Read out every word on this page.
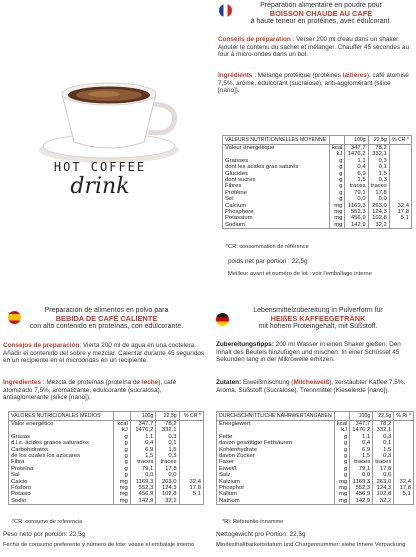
HOT COFFEE
drink
Préparation alimentaire en poudre pour
BOISSON CHAUDE AU CAFÉ
à haute teneur en protéines, avec édulcorant.
Conseils de préparation : Verser 200 ml d'eau dans un shaker. Ajouter le contenu du sachet et mélanger. Chauffer 45 secondes au four à micro-ondes dans un bol.
Ingrédients : Mélange protéique (protéines laitières), café atomisé 7,5%, arôme, édulcorant (sucralose), anti-agglomérant (silice [nano]).
VALEURS NUTRITIONNELLES MOYENNE		100g	22,5g	% CR *
Valeur énergétique	kcal	347,7	78,2	
	kJ	1476,2	332,1	
Graisses	g	1,1	0,3	
dont les acides gras saturés	g	0,4	0,1	
Glucides	g	6,9	1,5	
dont sucres	g	1,5	0,3	
Fibres	g	traces	traces	
Protéine	g	79,1	17,8	
Sel	g	0,0	0,0	
Calcium	mg	1169,3	263,0	32,4
Phosphore	mg	552,3	124,3	17,8
Potassium	mg	456,9	102,8	5,1
Sodium	mg	142,9	32,2	
*CR: consommation de référence
poids net par portion : 22,5g
Meilleur avant et numéro de lot : voir l'emballage interne
Preparación de alimentos en polvo para
BEBIDA DE CAFÉ CALIENTE
con alto contenido en proteínas, con edulcorante.
Consejos de preparación: Vierta 200 ml de agua en una coctelera. Añadir el contenido del sobre y mezclar. Calentar durante 45 segundos en un recipiente en el microondas en un recipiente.
Ingredientes : Mezcla de proteínas (proteína de leche), café atomizado 7,5%, aromatizante, edulcorante (sucralosa), antiaglomerante (sílice [nano]).
VALORES NUTRICIONALES MEDIOS		100g	22,5g	% CR *
Valor energético	kcal	347,7	78,2	
	kJ	1476,2	332,1	
Grasas	g	1,1	0,3	
d.l.c. ácidos grasos saturados	g	0,4	0,1	
Carbohidratos	g	6,9	1,5	
de los cuales los azúcares	g	1,5	0,3	
Fibra	g	traces	traces	
Proteína	g	79,1	17,8	
Sal	g	0,0	0,0	
Calcio	mg	1169,3	263,0	32,4
Fósforo	mg	552,3	124,3	17,8
Potasio	mg	456,9	102,8	5,1
Sodio	mg	142,9	32,2	
*CR: consumo de referencia
Peso neto por porción: 22,5g
Fecha de consumo preferente y número de lote: véase el embalaje interno
Lebensmittelzubereitung in Pulverform für
HEIßES KAFFEEGETRÄNK
mit hohem Proteingehalt, mit Süßstoff.
Zubereitungstipps: 200 ml Wasser in einen Shaker gießen. Den Inhalt des Beutels hinzufügen und mischen. In einer Schüssel 45 Sekunden lang in der Mikrowelle erhitzen.
Zutaten: Eiweißmischung (Milcheiweiß), zerstäubter Kaffee 7,5%, Aroma, Süßstoff (Sucralose), Trennmittel (Kieselerde [nano]).
DURCHSCHNITTLICHE NÄHRWERTANGABEN		100g	22,5g	% RI *
Energiewert	kcal	347,7	78,2	
	kJ	1476,2	332,1	
Fette	g	1,1	0,3	
davon gesättigte Fettsäuren	g	0,4	0,1	
Kohlenhydrate	g	6,9	1,5	
davon Zucker	g	1,5	0,3	
Faser	g	traces	traces	
Eiweiß	g	79,1	17,8	
Salz	g	0,0	0,0	
Kalzium	mg	1169,3	263,0	32,4
Phosphor	mg	552,3	124,3	17,8
Kalium	mg	456,9	102,8	5,1
Natrium	mg	142,9	32,2	
*RI: Referenlie-innamme
Nettogewicht pro Portion: 22,5g
Mindesthaltbarkeitsdatum und Chargennummer: siehe innere Verpackung
